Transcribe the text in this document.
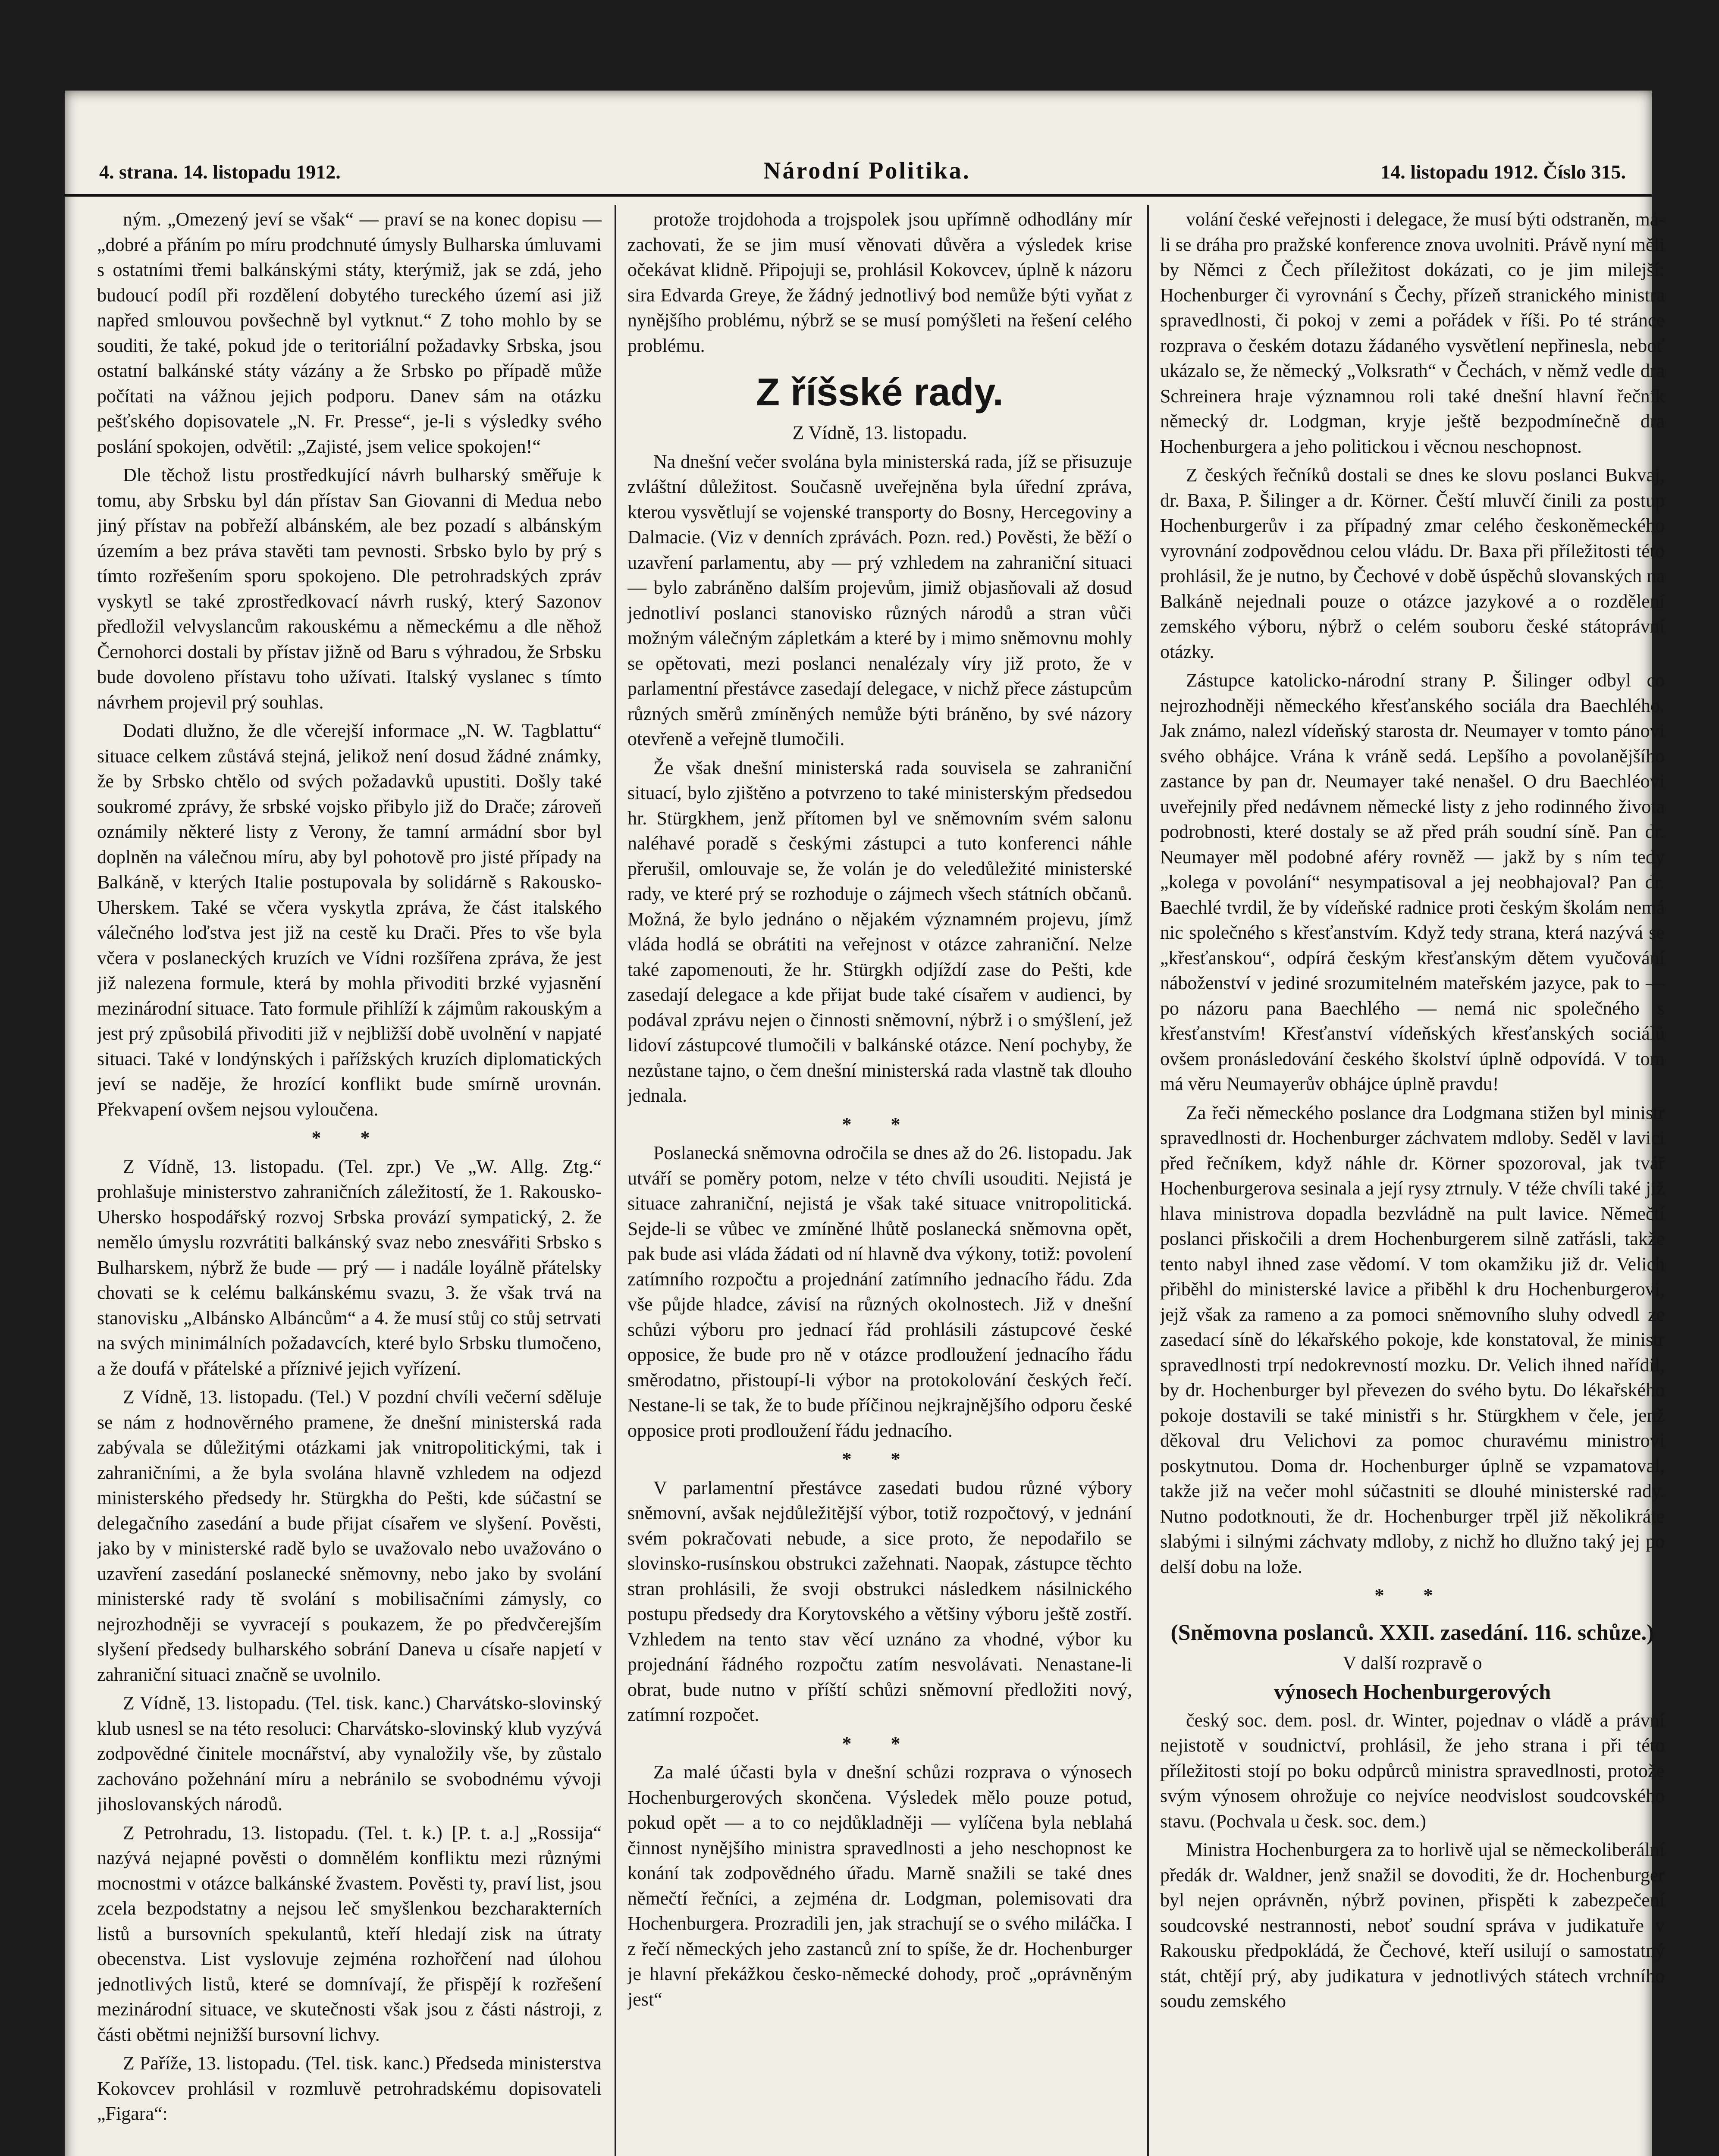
4. strana. 14. listopadu 1912.	Národní Politika.	14. listopadu 1912. Číslo 315.

ným. „Omezený jeví se však“ — praví se na konec dopisu — „dobré a přáním po míru prodchnuté úmysly Bulharska úmluvami s ostatními třemi balkánskými státy, kterýmiž, jak se zdá, jeho budoucí podíl při rozdělení dobytého tureckého území asi již napřed smlouvou povšechně byl vytknut.“ Z toho mohlo by se souditi, že také, pokud jde o teritoriální požadavky Srbska, jsou ostatní balkánské státy vázány a že Srbsko po případě může počítati na vážnou jejich podporu. Danev sám na otázku pešťského dopisovatele „N. Fr. Presse“, je-li s výsledky svého poslání spokojen, odvětil: „Zajisté, jsem velice spokojen!“

Dle těchož listu prostředkující návrh bulharský směřuje k tomu, aby Srbsku byl dán přístav San Giovanni di Medua nebo jiný přístav na pobřeží albánském, ale bez pozadí s albánským územím a bez práva stavěti tam pevnosti. Srbsko bylo by prý s tímto rozřešením sporu spokojeno. Dle petrohradských zpráv vyskytl se také zprostředkovací návrh ruský, který Sazonov předložil velvyslancům rakouskému a německému a dle něhož Černohorci dostali by přístav jižně od Baru s výhradou, že Srbsku bude dovoleno přístavu toho užívati. Italský vyslanec s tímto návrhem projevil prý souhlas.

Dodati dlužno, že dle včerejší informace „N. W. Tagblattu“ situace celkem zůstává stejná, jelikož není dosud žádné známky, že by Srbsko chtělo od svých požadavků upustiti. Došly také soukromé zprávy, že srbské vojsko přibylo již do Drače; zároveň oznámily některé listy z Verony, že tamní armádní sbor byl doplněn na válečnou míru, aby byl pohotově pro jisté případy na Balkáně, v kterých Italie postupovala by solidárně s Rakousko-Uherskem. Také se včera vyskytla zpráva, že část italského válečného loďstva jest již na cestě ku Drači. Přes to vše byla včera v poslaneckých kruzích ve Vídni rozšířena zpráva, že jest již nalezena formule, která by mohla přivoditi brzké vyjasnění mezinárodní situace. Tato formule přihlíží k zájmům rakouským a jest prý způsobilá přivoditi již v nejbližší době uvolnění v napjaté situaci. Také v londýnských i pařížských kruzích diplomatických jeví se naděje, že hrozící konflikt bude smírně urovnán. Překvapení ovšem nejsou vyloučena.

* *

Z Vídně, 13. listopadu. (Tel. zpr.) Ve „W. Allg. Ztg.“ prohlašuje ministerstvo zahraničních záležitostí, že 1. Rakousko-Uhersko hospodářský rozvoj Srbska provází sympatický, 2. že nemělo úmyslu rozvrátiti balkánský svaz nebo znesvářiti Srbsko s Bulharskem, nýbrž že bude — prý — i nadále loyálně přátelsky chovati se k celému balkánskému svazu, 3. že však trvá na stanovisku „Albánsko Albáncům“ a 4. že musí stůj co stůj setrvati na svých minimálních požadavcích, které bylo Srbsku tlumočeno, a že doufá v přátelské a příznivé jejich vyřízení.

Z Vídně, 13. listopadu. (Tel.) V pozdní chvíli večerní sděluje se nám z hodnověrného pramene, že dnešní ministerská rada zabývala se důležitými otázkami jak vnitropolitickými, tak i zahraničními, a že byla svolána hlavně vzhledem na odjezd ministerského předsedy hr. Stürgkha do Pešti, kde súčastní se delegačního zasedání a bude přijat císařem ve slyšení. Pověsti, jako by v ministerské radě bylo se uvažovalo nebo uvažováno o uzavření zasedání poslanecké sněmovny, nebo jako by svolání ministerské rady tě svolání s mobilisačními zámysly, co nejrozhodněji se vyvracejí s poukazem, že po předvčerejším slyšení předsedy bulharského sobrání Daneva u císaře napjetí v zahraniční situaci značně se uvolnilo.

Z Vídně, 13. listopadu. (Tel. tisk. kanc.) Charvátsko-slovinský klub usnesl se na této resoluci: Charvátsko-slovinský klub vyzývá zodpovědné činitele mocnářství, aby vynaložily vše, by zůstalo zachováno požehnání míru a nebránilo se svobodnému vývoji jihoslovanských národů.

Z Petrohradu, 13. listopadu. (Tel. t. k.) [P. t. a.] „Rossija“ nazývá nejapné pověsti o domnělém konfliktu mezi různými mocnostmi v otázce balkánské žvastem. Pověsti ty, praví list, jsou zcela bezpodstatny a nejsou leč smyšlenkou bezcharakterních listů a bursovních spekulantů, kteří hledají zisk na útraty obecenstva. List vyslovuje zejména rozhořčení nad úlohou jednotlivých listů, které se domnívají, že přispějí k rozřešení mezinárodní situace, ve skutečnosti však jsou z části nástroji, z části obětmi nejnižší bursovní lichvy.

Z Paříže, 13. listopadu. (Tel. tisk. kanc.) Předseda ministerstva Kokovcev prohlásil v rozmluvě petrohradskému dopisovateli „Figara“:

protože trojdohoda a trojspolek jsou upřímně odhodlány mír zachovati, že se jim musí věnovati důvěra a výsledek krise očekávat klidně. Připojuji se, prohlásil Kokovcev, úplně k názoru sira Edvarda Greye, že žádný jednotlivý bod nemůže býti vyňat z nynějšího problému, nýbrž se se musí pomýšleti na řešení celého problému.

Z říšské rady.

Z Vídně, 13. listopadu.

Na dnešní večer svolána byla ministerská rada, jíž se přisuzuje zvláštní důležitost. Současně uveřejněna byla úřední zpráva, kterou vysvětlují se vojenské transporty do Bosny, Hercegoviny a Dalmacie. (Viz v denních zprávách. Pozn. red.) Pověsti, že běží o uzavření parlamentu, aby — prý vzhledem na zahraniční situaci — bylo zabráněno dalším projevům, jimiž objasňovali až dosud jednotliví poslanci stanovisko různých národů a stran vůči možným válečným zápletkám a které by i mimo sněmovnu mohly se opětovati, mezi poslanci nenalézaly víry již proto, že v parlamentní přestávce zasedají delegace, v nichž přece zástupcům různých směrů zmíněných nemůže býti bráněno, by své názory otevřeně a veřejně tlumočili.

Že však dnešní ministerská rada souvisela se zahraniční situací, bylo zjištěno a potvrzeno to také ministerským předsedou hr. Stürgkhem, jenž přítomen byl ve sněmovním svém salonu naléhavé poradě s českými zástupci a tuto konferenci náhle přerušil, omlouvaje se, že volán je do veledůležité ministerské rady, ve které prý se rozhoduje o zájmech všech státních občanů. Možná, že bylo jednáno o nějakém významném projevu, jímž vláda hodlá se obrátiti na veřejnost v otázce zahraniční. Nelze také zapomenouti, že hr. Stürgkh odjíždí zase do Pešti, kde zasedají delegace a kde přijat bude také císařem v audienci, by podával zprávu nejen o činnosti sněmovní, nýbrž i o smýšlení, jež lidoví zástupcové tlumočili v balkánské otázce. Není pochyby, že nezůstane tajno, o čem dnešní ministerská rada vlastně tak dlouho jednala.

* *

Poslanecká sněmovna odročila se dnes až do 26. listopadu. Jak utváří se poměry potom, nelze v této chvíli usouditi. Nejistá je situace zahraniční, nejistá je však také situace vnitropolitická. Sejde-li se vůbec ve zmíněné lhůtě poslanecká sněmovna opět, pak bude asi vláda žádati od ní hlavně dva výkony, totiž: povolení zatímního rozpočtu a projednání zatímního jednacího řádu. Zda vše půjde hladce, závisí na různých okolnostech. Již v dnešní schůzi výboru pro jednací řád prohlásili zástupcové české opposice, že bude pro ně v otázce prodloužení jednacího řádu směrodatno, přistoupí-li výbor na protokolování českých řečí. Nestane-li se tak, že to bude příčinou nejkrajnějšího odporu české opposice proti prodloužení řádu jednacího.

* *

V parlamentní přestávce zasedati budou různé výbory sněmovní, avšak nejdůležitější výbor, totiž rozpočtový, v jednání svém pokračovati nebude, a sice proto, že nepodařilo se slovinsko-rusínskou obstrukci zažehnati. Naopak, zástupce těchto stran prohlásili, že svoji obstrukci následkem násilnického postupu předsedy dra Korytovského a většiny výboru ještě zostří. Vzhledem na tento stav věcí uznáno za vhodné, výbor ku projednání řádného rozpočtu zatím nesvolávati. Nenastane-li obrat, bude nutno v příští schůzi sněmovní předložiti nový, zatímní rozpočet.

* *

Za malé účasti byla v dnešní schůzi rozprava o výnosech Hochenburgerových skončena. Výsledek mělo pouze potud, pokud opět — a to co nejdůkladněji — vylíčena byla neblahá činnost nynějšího ministra spravedlnosti a jeho neschopnost ke konání tak zodpovědného úřadu. Marně snažili se také dnes němečtí řečníci, a zejména dr. Lodgman, polemisovati dra Hochenburgera. Prozradili jen, jak strachují se o svého miláčka. I z řečí německých jeho zastanců zní to spíše, že dr. Hochenburger je hlavní překážkou česko-německé dohody, proč „oprávněným jest“

volání české veřejnosti i delegace, že musí býti odstraněn, má-li se dráha pro pražské konference znova uvolniti. Právě nyní měli by Němci z Čech příležitost dokázati, co je jim milejší: Hochenburger či vyrovnání s Čechy, přízeň stranického ministra spravedlnosti, či pokoj v zemi a pořádek v říši. Po té stránce rozprava o českém dotazu žádaného vysvětlení nepřinesla, neboť ukázalo se, že německý „Volksrath“ v Čechách, v němž vedle dra Schreinera hraje významnou roli také dnešní hlavní řečník německý dr. Lodgman, kryje ještě bezpodmínečně dra Hochenburgera a jeho politickou i věcnou neschopnost.

Z českých řečníků dostali se dnes ke slovu poslanci Bukvaj, dr. Baxa, P. Šilinger a dr. Körner. Čeští mluvčí činili za postup Hochenburgerův i za případný zmar celého českoněmeckého vyrovnání zodpovědnou celou vládu. Dr. Baxa při příležitosti této prohlásil, že je nutno, by Čechové v době úspěchů slovanských na Balkáně nejednali pouze o otázce jazykové a o rozdělení zemského výboru, nýbrž o celém souboru české státoprávní otázky.

Zástupce katolicko-národní strany P. Šilinger odbyl co nejrozhodněji německého křesťanského sociála dra Baechlého. Jak známo, nalezl vídeňský starosta dr. Neumayer v tomto pánovi svého obhájce. Vrána k vráně sedá. Lepšího a povolanějšího zastance by pan dr. Neumayer také nenašel. O dru Baechléovi uveřejnily před nedávnem německé listy z jeho rodinného života podrobnosti, které dostaly se až před práh soudní síně. Pan dr. Neumayer měl podobné aféry rovněž — jakž by s ním tedy „kolega v povolání“ nesympatisoval a jej neobhajoval? Pan dr. Baechlé tvrdil, že by vídeňské radnice proti českým školám nemá nic společného s křesťanstvím. Když tedy strana, která nazývá se „křesťanskou“, odpírá českým křesťanským dětem vyučování náboženství v jediné srozumitelném mateřském jazyce, pak to — po názoru pana Baechlého — nemá nic společného s křesťanstvím! Křesťanství vídeňských křesťanských sociálů ovšem pronásledování českého školství úplně odpovídá. V tom má věru Neumayerův obhájce úplně pravdu!

Za řeči německého poslance dra Lodgmana stižen byl ministr spravedlnosti dr. Hochenburger záchvatem mdloby. Seděl v lavici před řečníkem, když náhle dr. Körner spozoroval, jak tvář Hochenburgerova sesinala a její rysy ztrnuly. V téže chvíli také již hlava ministrova dopadla bezvládně na pult lavice. Němečtí poslanci přiskočili a drem Hochenburgerem silně zatřásli, takže tento nabyl ihned zase vědomí. V tom okamžiku již dr. Velich přiběhl do ministerské lavice a přiběhl k dru Hochenburgerovi, jejž však za rameno a za pomoci sněmovního sluhy odvedl ze zasedací síně do lékařského pokoje, kde konstatoval, že ministr spravedlnosti trpí nedokrevností mozku. Dr. Velich ihned nařídil, by dr. Hochenburger byl převezen do svého bytu. Do lékařského pokoje dostavili se také ministři s hr. Stürgkhem v čele, jenž děkoval dru Velichovi za pomoc churavému ministrovi poskytnutou. Doma dr. Hochenburger úplně se vzpamatoval, takže již na večer mohl súčastniti se dlouhé ministerské rady. Nutno podotknouti, že dr. Hochenburger trpěl již několikráte slabými i silnými záchvaty mdloby, z nichž ho dlužno taký jej po delší dobu na lože.

* *

(Sněmovna poslanců. XXII. zasedání. 116. schůze.)

V další rozpravě o

výnosech Hochenburgerových

český soc. dem. posl. dr. Winter, pojednav o vládě a právní nejistotě v soudnictví, prohlásil, že jeho strana i při této příležitosti stojí po boku odpůrců ministra spravedlnosti, protože svým výnosem ohrožuje co nejvíce neodvislost soudcovského stavu. (Pochvala u česk. soc. dem.)

Ministra Hochenburgera za to horlivě ujal se německoliberální předák dr. Waldner, jenž snažil se dovoditi, že dr. Hochenburger byl nejen oprávněn, nýbrž povinen, přispěti k zabezpečení soudcovské nestrannosti, neboť soudní správa v judikatuře v Rakousku předpokládá, že Čechové, kteří usilují o samostatný stát, chtějí prý, aby judikatura v jednotlivých státech vrchního soudu zemského
